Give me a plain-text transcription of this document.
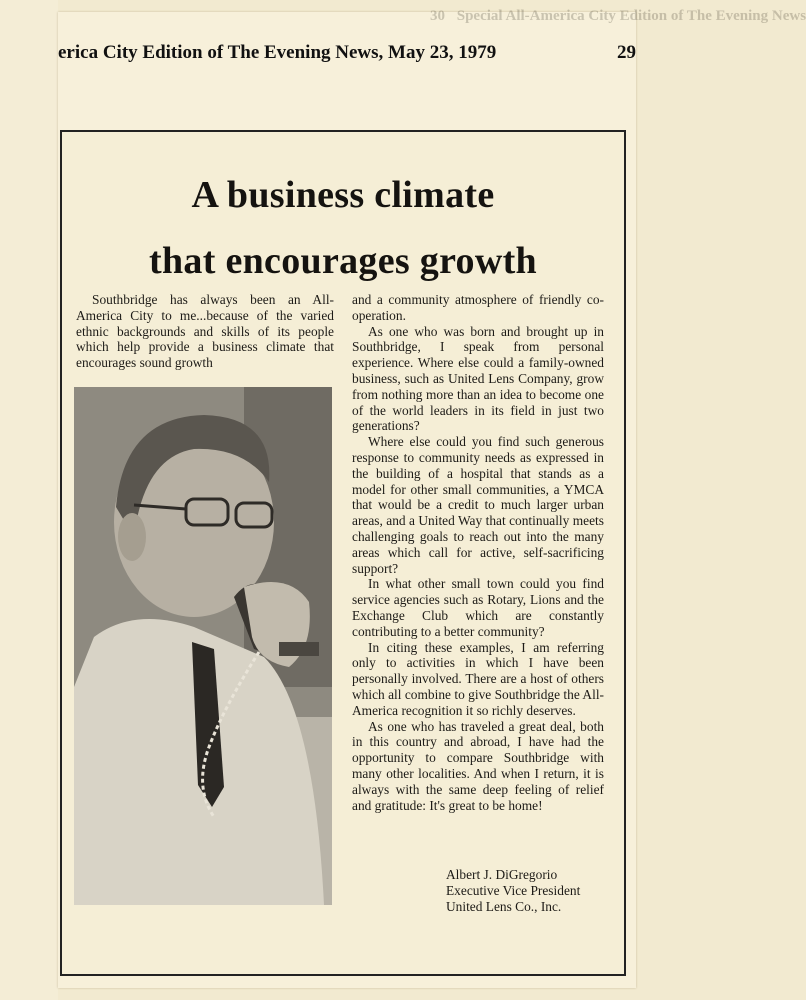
30 Special All-America City Edition of The Evening News
erica City Edition of The Evening News, May 23, 1979	29
A business climate
that encourages growth

Southbridge has always been an All-America City to me...because of the varied ethnic backgrounds and skills of its people which help provide a business climate that encourages sound growth

and a community atmosphere of friendly co-operation.

As one who was born and brought up in Southbridge, I speak from personal experience. Where else could a family-owned business, such as United Lens Company, grow from nothing more than an idea to become one of the world leaders in its field in just two generations?

Where else could you find such generous response to community needs as expressed in the building of a hospital that stands as a model for other small communities, a YMCA that would be a credit to much larger urban areas, and a United Way that continually meets challenging goals to reach out into the many areas which call for active, self-sacrificing support?

In what other small town could you find service agencies such as Rotary, Lions and the Exchange Club which are constantly contributing to a better community?

In citing these examples, I am referring only to activities in which I have been personally involved. There are a host of others which all combine to give Southbridge the All-America recognition it so richly deserves.

As one who has traveled a great deal, both in this country and abroad, I have had the opportunity to compare Southbridge with many other localities. And when I return, it is always with the same deep feeling of relief and gratitude: It's great to be home!

Albert J. DiGregorio
Executive Vice President
United Lens Co., Inc.
